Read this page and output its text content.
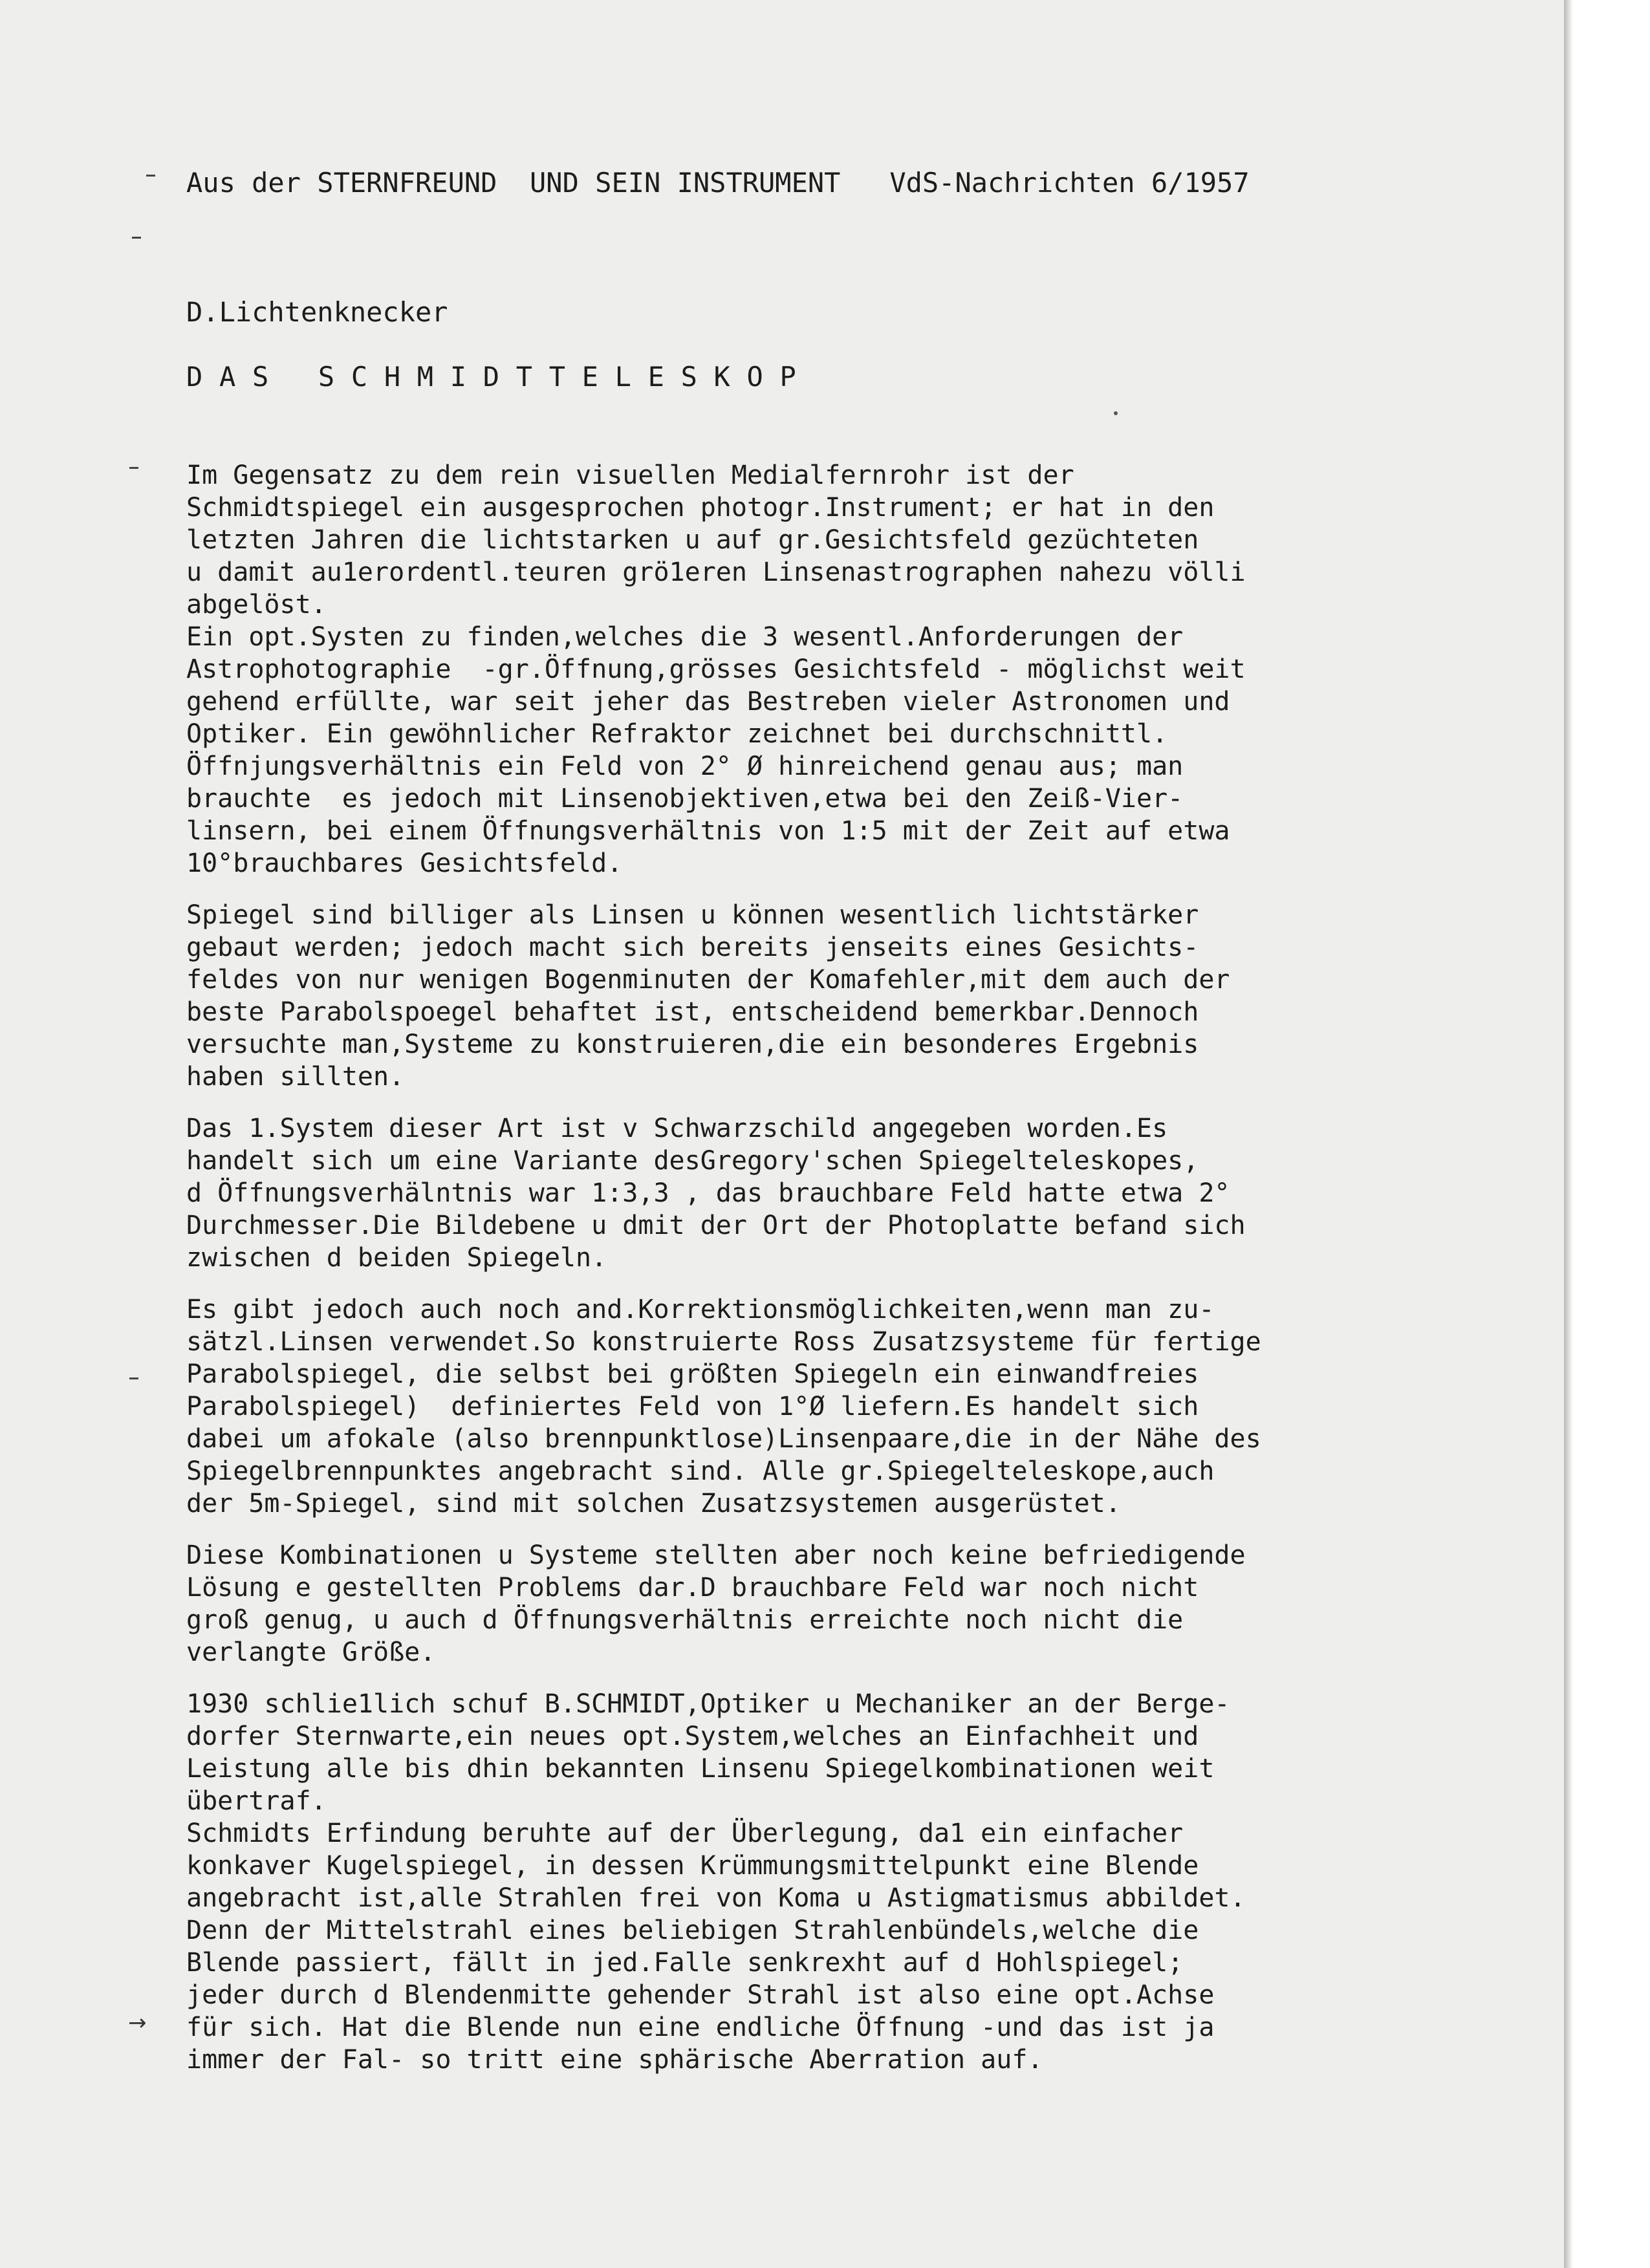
→
Aus der STERNFREUND  UND SEIN INSTRUMENT VdS-Nachrichten 6/1957
D.Lichtenknecker
D A S   S C H M I D T T E L E S K O P

Im Gegensatz zu dem rein visuellen Medialfernrohr ist der
Schmidtspiegel ein ausgesprochen photogr.Instrument; er hat in den
letzten Jahren die lichtstarken u auf gr.Gesichtsfeld gezüchteten
u damit au1erordentl.teuren grö1eren Linsenastrographen nahezu völli
abgelöst.
Ein opt.Systen zu finden,welches die 3 wesentl.Anforderungen der
Astrophotographie  -gr.Öffnung,grösses Gesichtsfeld - möglichst weit
gehend erfüllte, war seit jeher das Bestreben vieler Astronomen und
Optiker. Ein gewöhnlicher Refraktor zeichnet bei durchschnittl.
Öffnjungsverhältnis ein Feld von 2° Ø hinreichend genau aus; man
brauchte  es jedoch mit Linsenobjektiven,etwa bei den Zeiß-Vier-
linsern, bei einem Öffnungsverhältnis von 1:5 mit der Zeit auf etwa
10°brauchbares Gesichtsfeld.

Spiegel sind billiger als Linsen u können wesentlich lichtstärker
gebaut werden; jedoch macht sich bereits jenseits eines Gesichts-
feldes von nur wenigen Bogenminuten der Komafehler,mit dem auch der
beste Parabolspoegel behaftet ist, entscheidend bemerkbar.Dennoch
versuchte man,Systeme zu konstruieren,die ein besonderes Ergebnis
haben sillten.

Das 1.System dieser Art ist v Schwarzschild angegeben worden.Es
handelt sich um eine Variante desGregory'schen Spiegelteleskopes,
d Öffnungsverhälntnis war 1:3,3 , das brauchbare Feld hatte etwa 2°
Durchmesser.Die Bildebene u dmit der Ort der Photoplatte befand sich
zwischen d beiden Spiegeln.

Es gibt jedoch auch noch and.Korrektionsmöglichkeiten,wenn man zu-
sätzl.Linsen verwendet.So konstruierte Ross Zusatzsysteme für fertige
Parabolspiegel, die selbst bei größten Spiegeln ein einwandfreies
Parabolspiegel)  definiertes Feld von 1°Ø liefern.Es handelt sich
dabei um afokale (also brennpunktlose)Linsenpaare,die in der Nähe des
Spiegelbrennpunktes angebracht sind. Alle gr.Spiegelteleskope,auch
der 5m-Spiegel, sind mit solchen Zusatzsystemen ausgerüstet.

Diese Kombinationen u Systeme stellten aber noch keine befriedigende
Lösung e gestellten Problems dar.D brauchbare Feld war noch nicht
groß genug, u auch d Öffnungsverhältnis erreichte noch nicht die
verlangte Größe.

1930 schlie1lich schuf B.SCHMIDT,Optiker u Mechaniker an der Berge-
dorfer Sternwarte,ein neues opt.System,welches an Einfachheit und
Leistung alle bis dhin bekannten Linsenu Spiegelkombinationen weit
übertraf.
Schmidts Erfindung beruhte auf der Überlegung, da1 ein einfacher
konkaver Kugelspiegel, in dessen Krümmungsmittelpunkt eine Blende
angebracht ist,alle Strahlen frei von Koma u Astigmatismus abbildet.
Denn der Mittelstrahl eines beliebigen Strahlenbündels,welche die
Blende passiert, fällt in jed.Falle senkrexht auf d Hohlspiegel;
jeder durch d Blendenmitte gehender Strahl ist also eine opt.Achse
für sich. Hat die Blende nun eine endliche Öffnung -und das ist ja
immer der Fal- so tritt eine sphärische Aberration auf.
